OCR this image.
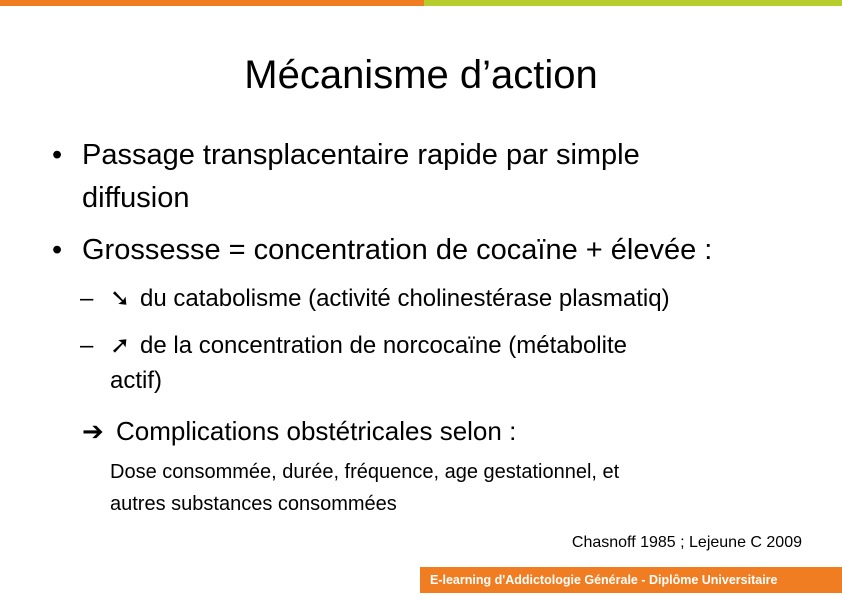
Mécanisme d’action
• Passage transplacentaire rapide par simple
diffusion
• Grossesse = concentration de cocaïne + élevée :
– ➘ du catabolisme (activité cholinestérase plasmatiq)
– ➚ de la concentration de norcocaïne (métabolite
actif)
➔ Complications obstétricales selon :
Dose consommée, durée, fréquence, age gestationnel, et
autres substances consommées
Chasnoff 1985 ; Lejeune C 2009
E-learning d'Addictologie Générale - Diplôme Universitaire
